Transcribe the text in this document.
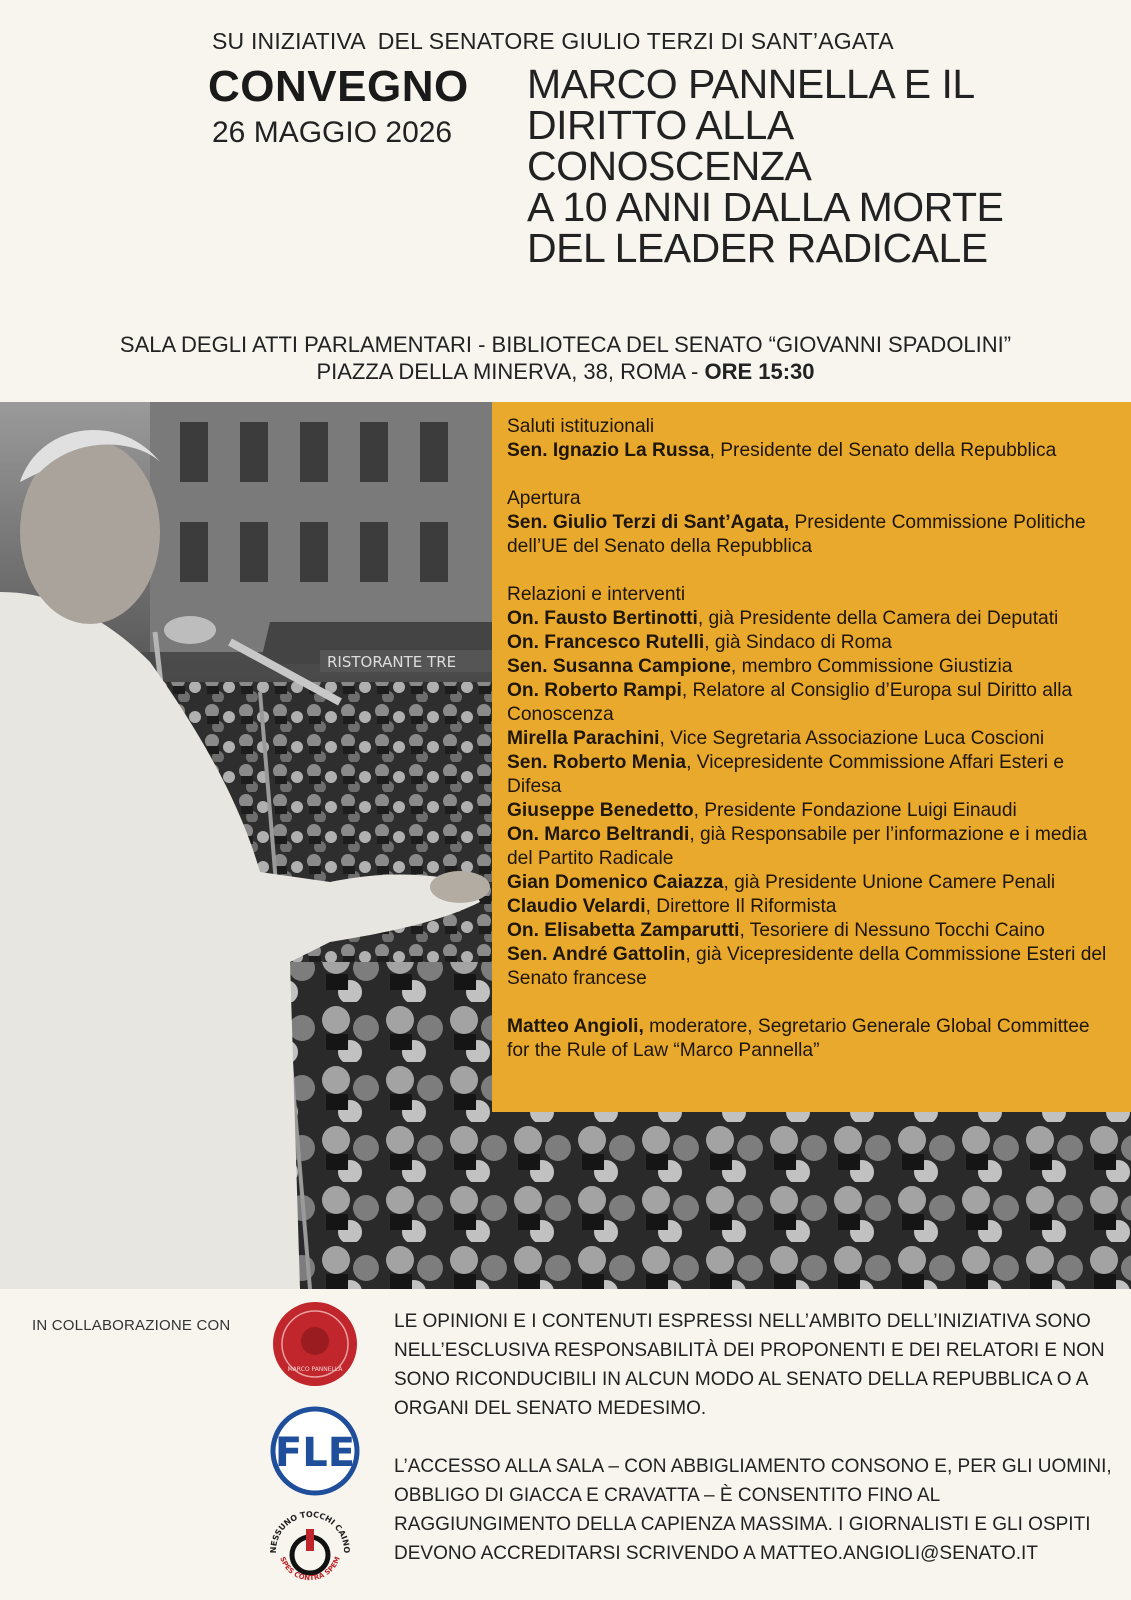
SU INIZIATIVA  DEL SENATORE GIULIO TERZI DI SANT’AGATA
CONVEGNO
26 MAGGIO 2026
MARCO PANNELLA E IL
DIRITTO ALLA
CONOSCENZA
A 10 ANNI DALLA MORTE
DEL LEADER RADICALE
SALA DEGLI ATTI PARLAMENTARI - BIBLIOTECA DEL SENATO “GIOVANNI SPADOLINI”
PIAZZA DELLA MINERVA, 38, ROMA - ORE 15:30
RISTORANTE TRE
Saluti istituzionali
Sen. Ignazio La Russa, Presidente del Senato della Repubblica
Apertura
Sen. Giulio Terzi di Sant’Agata, Presidente Commissione Politiche dell’UE del Senato della Repubblica
Relazioni e interventi
On. Fausto Bertinotti, già Presidente della Camera dei Deputati
On. Francesco Rutelli, già Sindaco di Roma
Sen. Susanna Campione, membro Commissione Giustizia
On. Roberto Rampi, Relatore al Consiglio d’Europa sul Diritto alla Conoscenza
Mirella Parachini, Vice Segretaria Associazione Luca Coscioni
Sen. Roberto Menia, Vicepresidente Commissione Affari Esteri e Difesa
Giuseppe Benedetto, Presidente Fondazione Luigi Einaudi
On. Marco Beltrandi, già Responsabile per l’informazione e i media del Partito Radicale
Gian Domenico Caiazza, già Presidente Unione Camere Penali
Claudio Velardi, Direttore Il Riformista
On. Elisabetta Zamparutti, Tesoriere di Nessuno Tocchi Caino
Sen. André Gattolin, già Vicepresidente della Commissione Esteri del Senato francese
Matteo Angioli, moderatore, Segretario Generale Global Committee for the Rule of Law “Marco Pannella”
IN COLLABORAZIONE CON
MARCO PANNELLA
FLE
NESSUNO TOCCHI CAINO
SPES CONTRA SPEM

LE OPINIONI E I CONTENUTI ESPRESSI NELL’AMBITO DELL’INIZIATIVA SONO NELL’ESCLUSIVA RESPONSABILITÀ DEI PROPONENTI E DEI RELATORI E NON SONO RICONDUCIBILI IN ALCUN MODO AL SENATO DELLA REPUBBLICA O A ORGANI DEL SENATO MEDESIMO.

L’ACCESSO ALLA SALA – CON ABBIGLIAMENTO CONSONO E, PER GLI UOMINI, OBBLIGO DI GIACCA E CRAVATTA – È CONSENTITO FINO AL RAGGIUNGIMENTO DELLA CAPIENZA MASSIMA. I GIORNALISTI E GLI OSPITI DEVONO ACCREDITARSI SCRIVENDO A MATTEO.ANGIOLI@SENATO.IT
